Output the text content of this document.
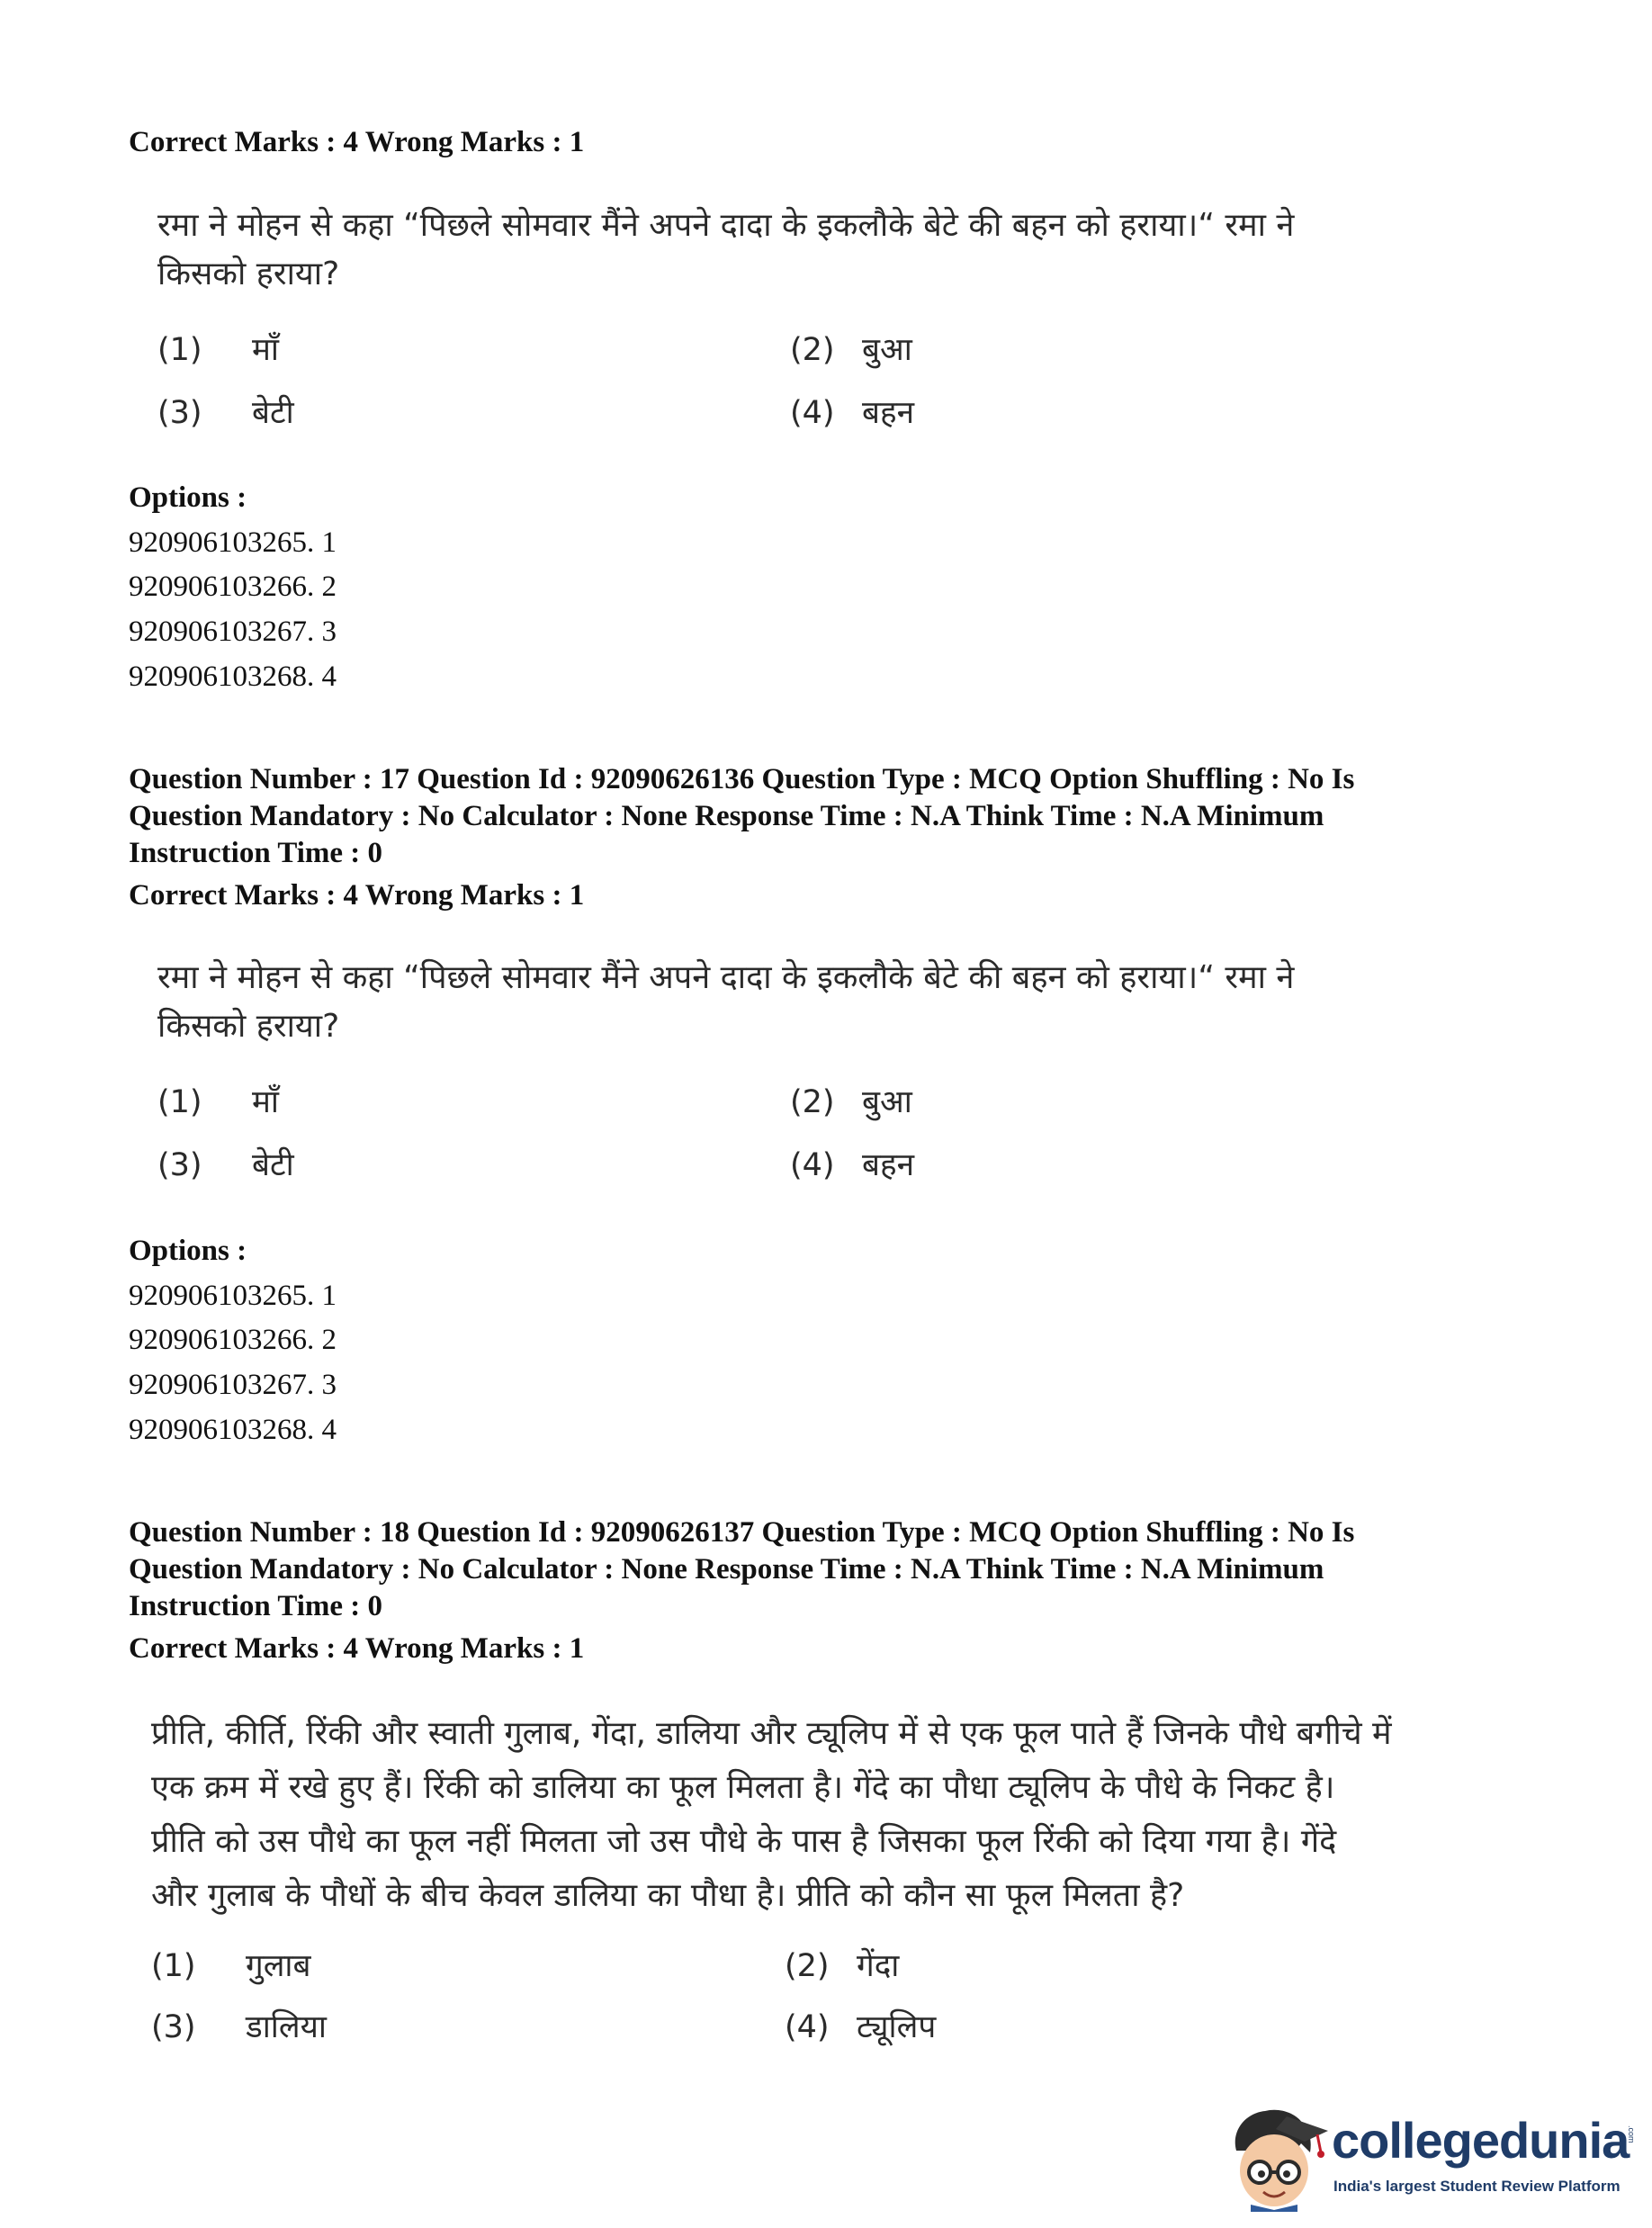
Correct Marks : 4 Wrong Marks : 1
रमा ने मोहन से कहा “पिछले सोमवार मैंने अपने दादा के इकलौके बेटे की बहन को हराया।“ रमा ने
किसको हराया?
(1)	माँ	(2) बुआ
(3)	बेटी	(4) बहन
Options :
920906103265. 1
920906103266. 2
920906103267. 3
920906103268. 4
Question Number : 17 Question Id : 92090626136 Question Type : MCQ Option Shuffling : No Is
Question Mandatory : No Calculator : None Response Time : N.A Think Time : N.A Minimum
Instruction Time : 0
Correct Marks : 4 Wrong Marks : 1
रमा ने मोहन से कहा “पिछले सोमवार मैंने अपने दादा के इकलौके बेटे की बहन को हराया।“ रमा ने
किसको हराया?
(1)	माँ	(2) बुआ
(3)	बेटी	(4) बहन
Options :
920906103265. 1
920906103266. 2
920906103267. 3
920906103268. 4
Question Number : 18 Question Id : 92090626137 Question Type : MCQ Option Shuffling : No Is
Question Mandatory : No Calculator : None Response Time : N.A Think Time : N.A Minimum
Instruction Time : 0
Correct Marks : 4 Wrong Marks : 1
प्रीति, कीर्ति, रिंकी और स्वाती गुलाब, गेंदा, डालिया और ट्यूलिप में से एक फूल पाते हैं जिनके पौधे बगीचे में
एक क्रम में रखे हुए हैं। रिंकी को डालिया का फूल मिलता है। गेंदे का पौधा ट्यूलिप के पौधे के निकट है।
प्रीति को उस पौधे का फूल नहीं मिलता जो उस पौधे के पास है जिसका फूल रिंकी को दिया गया है। गेंदे
और गुलाब के पौधों के बीच केवल डालिया का पौधा है। प्रीति को कौन सा फूल मिलता है?
(1)	गुलाब	(2) गेंदा
(3)	डालिया	(4) ट्यूलिप
collegedunia
.com
India's largest Student Review Platform
